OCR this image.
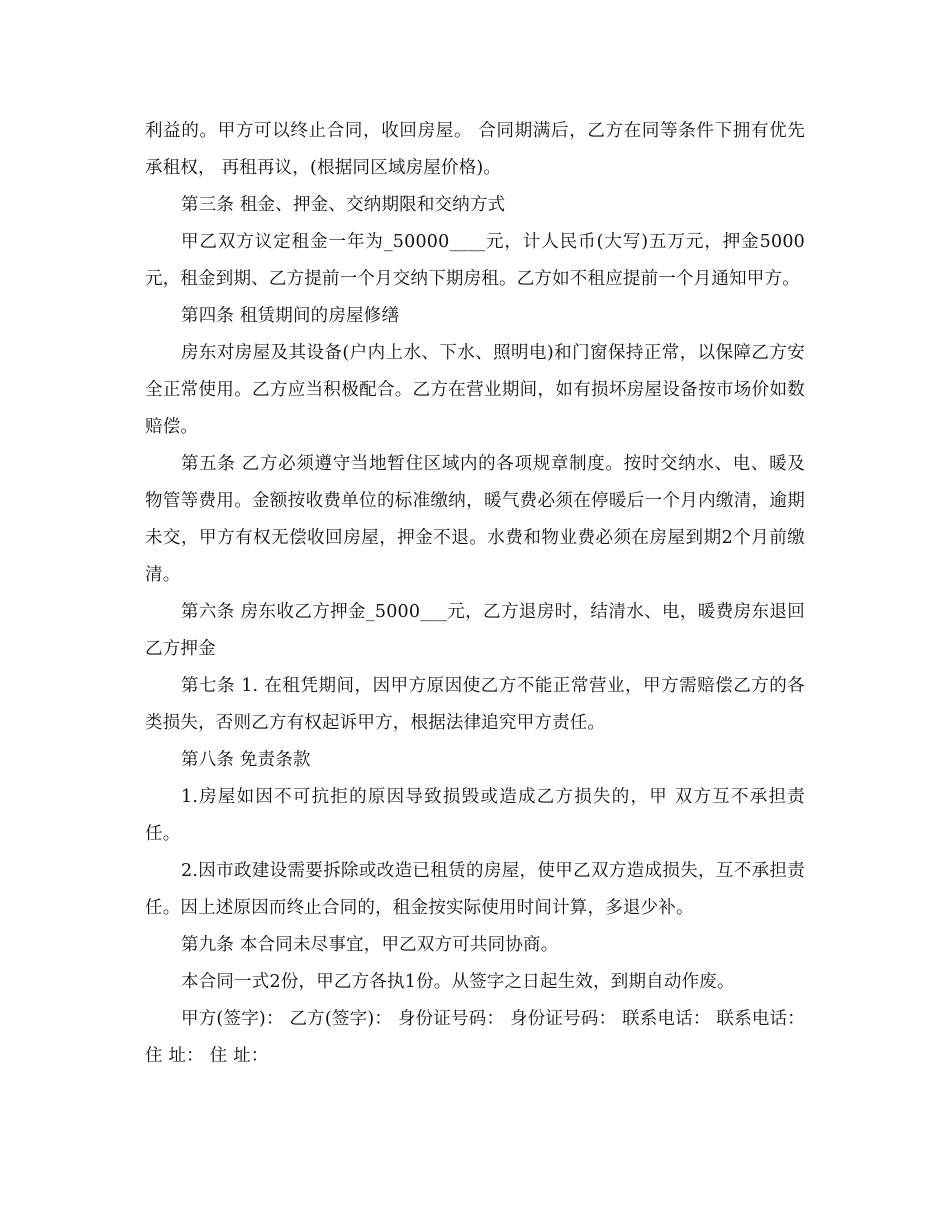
利益的。甲方可以终止合同，收回房屋。 合同期满后，乙方在同等条件下拥有优先承租权， 再租再议，(根据同区域房屋价格)。

第三条 租金、押金、交纳期限和交纳方式

甲乙双方议定租金一年为_50000____元，计人民币(大写)五万元，押金5000元，租金到期、乙方提前一个月交纳下期房租。乙方如不租应提前一个月通知甲方。

第四条 租赁期间的房屋修缮

房东对房屋及其设备(户内上水、下水、照明电)和门窗保持正常，以保障乙方安全正常使用。乙方应当积极配合。乙方在营业期间，如有损坏房屋设备按市场价如数赔偿。

第五条 乙方必须遵守当地暂住区域内的各项规章制度。按时交纳水、电、暖及物管等费用。金额按收费单位的标准缴纳，暖气费必须在停暖后一个月内缴清，逾期未交，甲方有权无偿收回房屋，押金不退。水费和物业费必须在房屋到期2个月前缴清。

第六条 房东收乙方押金_5000___元，乙方退房时，结清水、电，暖费房东退回乙方押金

第七条 1. 在租凭期间，因甲方原因使乙方不能正常营业，甲方需赔偿乙方的各类损失，否则乙方有权起诉甲方，根据法律追究甲方责任。

第八条 免责条款

1.房屋如因不可抗拒的原因导致损毁或造成乙方损失的，甲 双方互不承担责任。

2.因市政建设需要拆除或改造已租赁的房屋，使甲乙双方造成损失，互不承担责任。因上述原因而终止合同的，租金按实际使用时间计算，多退少补。

第九条 本合同未尽事宜，甲乙双方可共同协商。

本合同一式2份，甲乙方各执1份。从签字之日起生效，到期自动作废。

甲方(签字)： 乙方(签字)： 身份证号码： 身份证号码： 联系电话： 联系电话： 住 址： 住 址：
